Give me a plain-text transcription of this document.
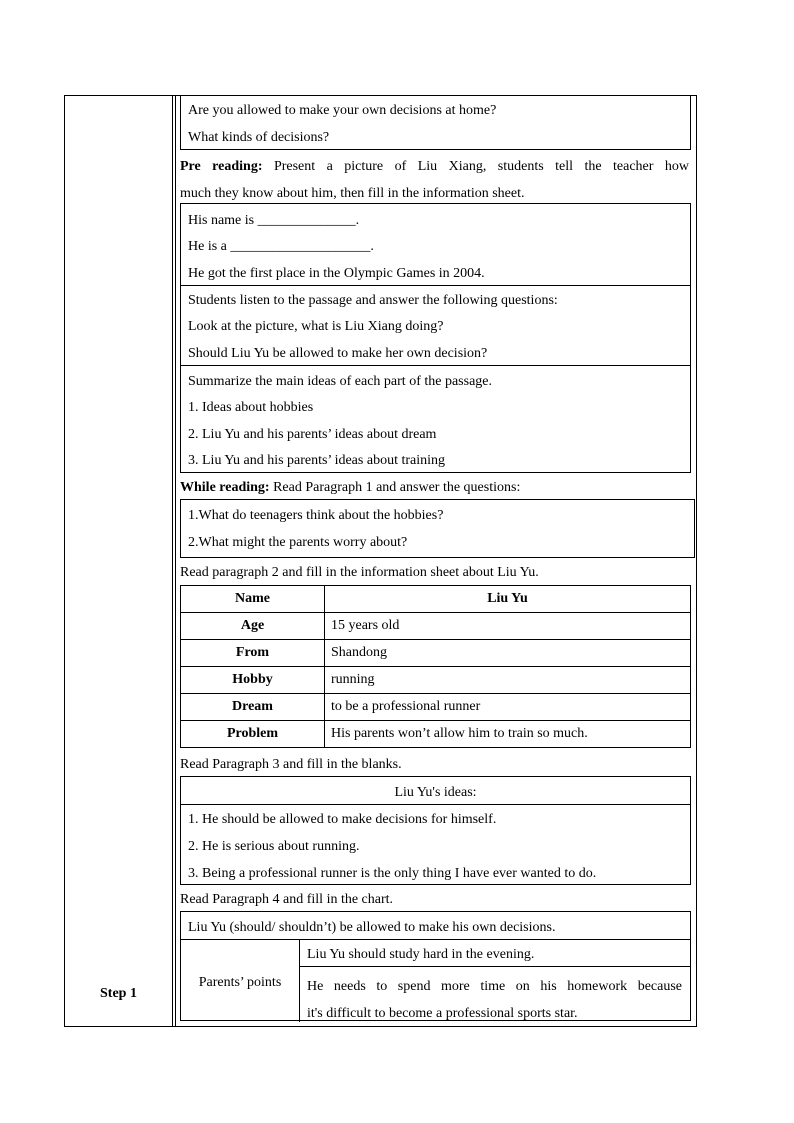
Step 1
Are you allowed to make your own decisions at home?
What kinds of decisions?
Pre reading: Present a picture of Liu Xiang, students tell the teacher how
much they know about him, then fill in the information sheet.
His name is ______________.
He is a ____________________.
He got the first place in the Olympic Games in 2004.
Students listen to the passage and answer the following questions:
Look at the picture, what is Liu Xiang doing?
Should Liu Yu be allowed to make her own decision?
Summarize the main ideas of each part of the passage.
1. Ideas about hobbies
2. Liu Yu and his parents’ ideas about dream
3. Liu Yu and his parents’ ideas about training
While reading: Read Paragraph 1 and answer the questions:
1.What do teenagers think about the hobbies?
2.What might the parents worry about?
Read paragraph 2 and fill in the information sheet about Liu Yu.
Name	Liu Yu
Age	15 years old
From	Shandong
Hobby	running
Dream	to be a professional runner
Problem	His parents won’t allow him to train so much.
Read Paragraph 3 and fill in the blanks.
Liu Yu's ideas:
1. He should be allowed to make decisions for himself.
2. He is serious about running.
3. Being a professional runner is the only thing I have ever wanted to do.
Read Paragraph 4 and fill in the chart.
Liu Yu (should/ shouldn’t) be allowed to make his own decisions.
Parents’ points
Liu Yu should study hard in the evening.
He needs to spend more time on his homework because
it's difficult to become a professional sports star.
